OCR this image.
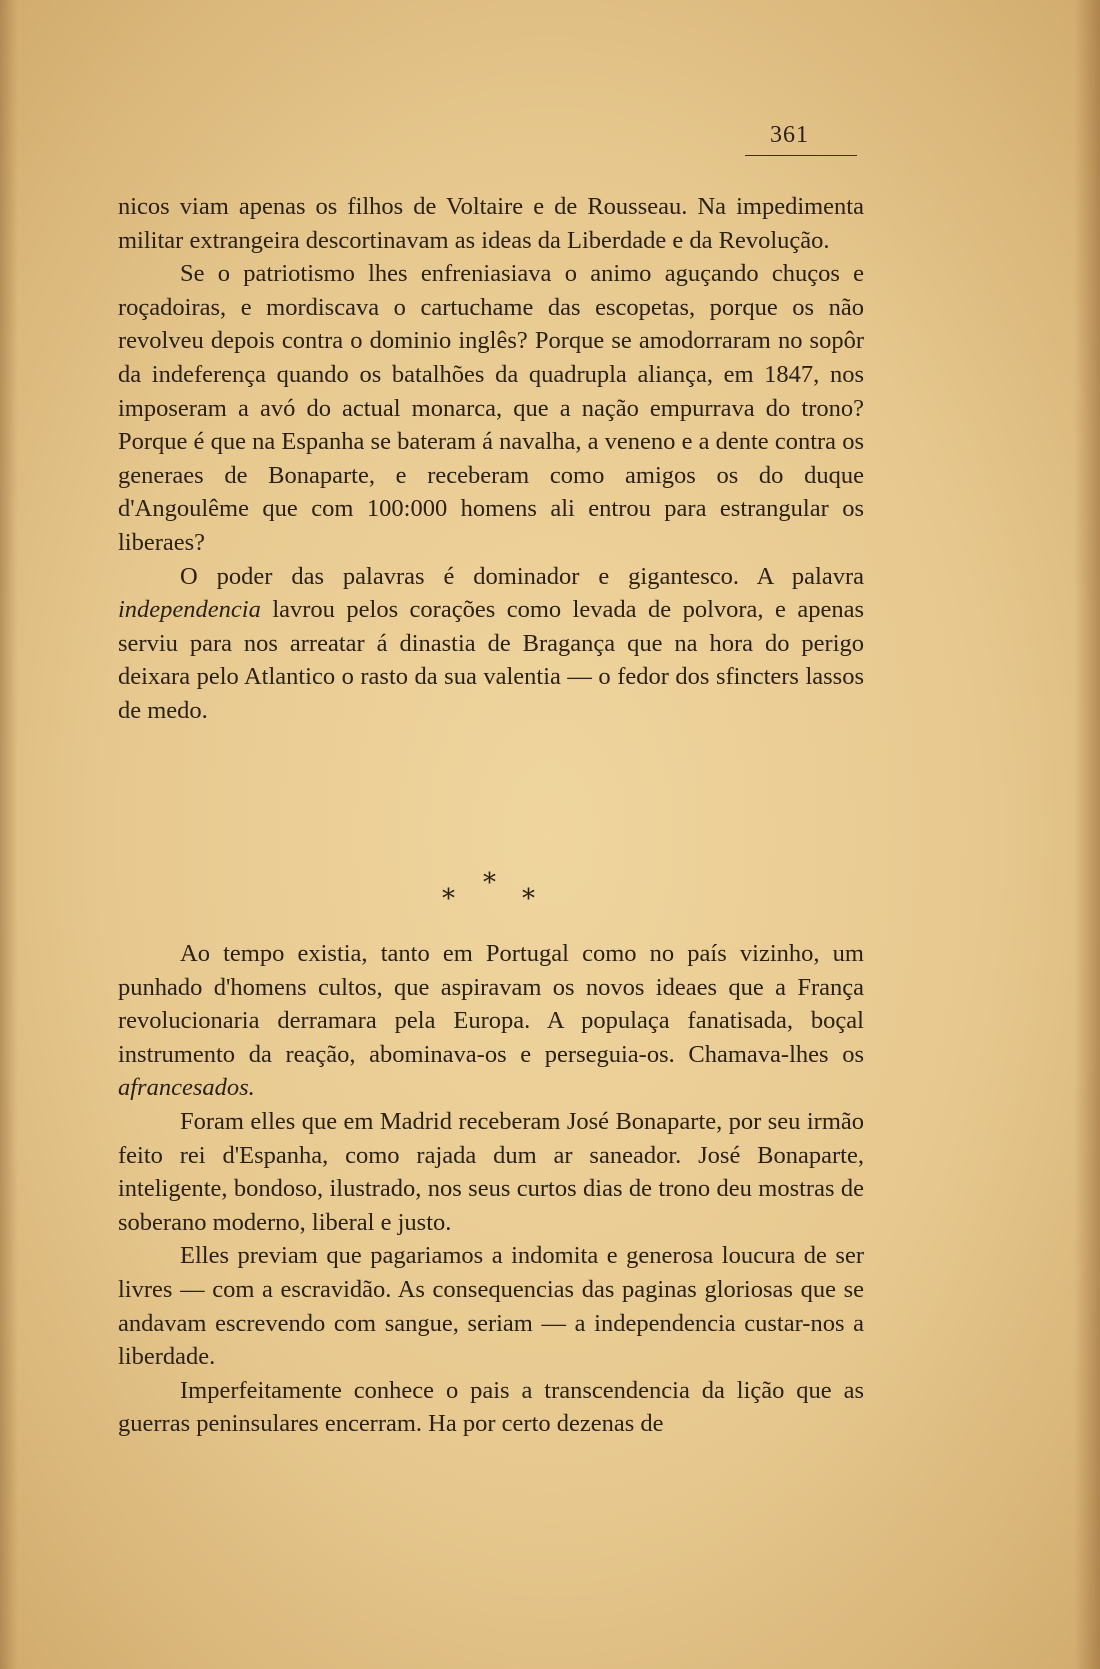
361

nicos viam apenas os filhos de Voltaire e de Rousseau. Na impedimenta militar extrangeira descortinavam as ideas da Liberdade e da Revolução.

Se o patriotismo lhes enfreniasiava o animo aguçando chuços e roçadoiras, e mordiscava o cartuchame das escopetas, porque os não revolveu depois contra o dominio inglês? Porque se amodorraram no sopôr da indeferença quando os batalhões da quadrupla aliança, em 1847, nos imposeram a avó do actual monarca, que a nação empurrava do trono? Porque é que na Espanha se bateram á navalha, a veneno e a dente contra os generaes de Bonaparte, e receberam como amigos os do duque d'Angoulême que com 100:000 homens ali entrou para estrangular os liberaes?

O poder das palavras é dominador e gigantesco. A palavra independencia lavrou pelos corações como levada de polvora, e apenas serviu para nos arreatar á dinastia de Bragança que na hora do perigo deixara pelo Atlantico o rasto da sua valentia — o fedor dos sfincters lassos de medo.

*
*	*

Ao tempo existia, tanto em Portugal como no país vizinho, um punhado d'homens cultos, que aspiravam os novos ideaes que a França revolucionaria derramara pela Europa. A populaça fanatisada, boçal instrumento da reação, abominava-os e perseguia-os. Chamava-lhes os afrancesados.

Foram elles que em Madrid receberam José Bonaparte, por seu irmão feito rei d'Espanha, como rajada dum ar saneador. José Bonaparte, inteligente, bondoso, ilustrado, nos seus curtos dias de trono deu mostras de soberano moderno, liberal e justo.

Elles previam que pagariamos a indomita e generosa loucura de ser livres — com a escravidão. As consequencias das paginas gloriosas que se andavam escrevendo com sangue, seriam — a independencia custar-nos a liberdade.

Imperfeitamente conhece o pais a transcendencia da lição que as guerras peninsulares encerram. Ha por certo dezenas de
